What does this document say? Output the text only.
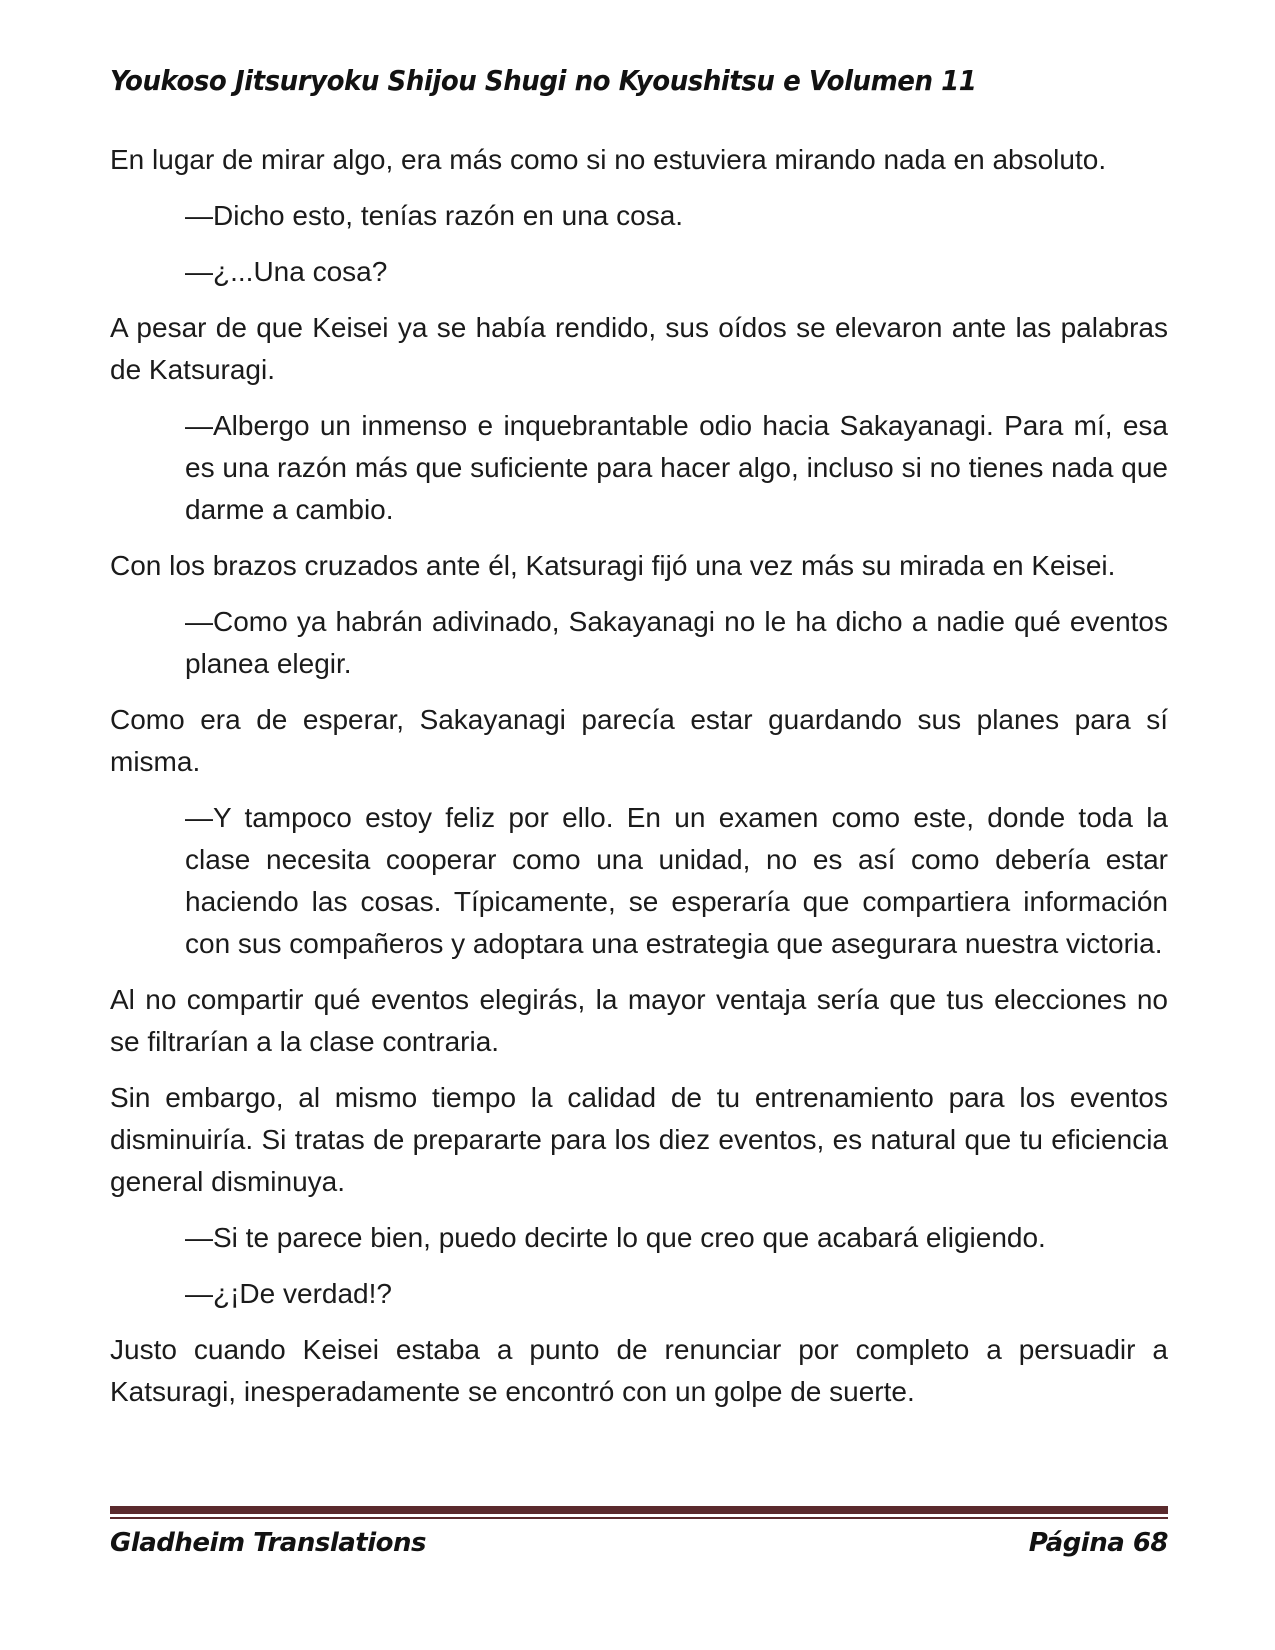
Youkoso Jitsuryoku Shijou Shugi no Kyoushitsu e Volumen 11

En lugar de mirar algo, era más como si no estuviera mirando nada en absoluto.

—Dicho esto, tenías razón en una cosa.

—¿...Una cosa?

A pesar de que Keisei ya se había rendido, sus oídos se elevaron ante las palabras de Katsuragi.

—Albergo un inmenso e inquebrantable odio hacia Sakayanagi. Para mí, esa es una razón más que suficiente para hacer algo, incluso si no tienes nada que darme a cambio.

Con los brazos cruzados ante él, Katsuragi fijó una vez más su mirada en Keisei.

—Como ya habrán adivinado, Sakayanagi no le ha dicho a nadie qué eventos planea elegir.

Como era de esperar, Sakayanagi parecía estar guardando sus planes para sí misma.

—Y tampoco estoy feliz por ello. En un examen como este, donde toda la clase necesita cooperar como una unidad, no es así como debería estar haciendo las cosas. Típicamente, se esperaría que compartiera información con sus compañeros y adoptara una estrategia que asegurara nuestra victoria.

Al no compartir qué eventos elegirás, la mayor ventaja sería que tus elecciones no se filtrarían a la clase contraria.

Sin embargo, al mismo tiempo la calidad de tu entrenamiento para los eventos disminuiría. Si tratas de prepararte para los diez eventos, es natural que tu eficiencia general disminuya.

—Si te parece bien, puedo decirte lo que creo que acabará eligiendo.

—¿¡De verdad!?

Justo cuando Keisei estaba a punto de renunciar por completo a persuadir a Katsuragi, inesperadamente se encontró con un golpe de suerte.

Gladheim Translations	Página 68
